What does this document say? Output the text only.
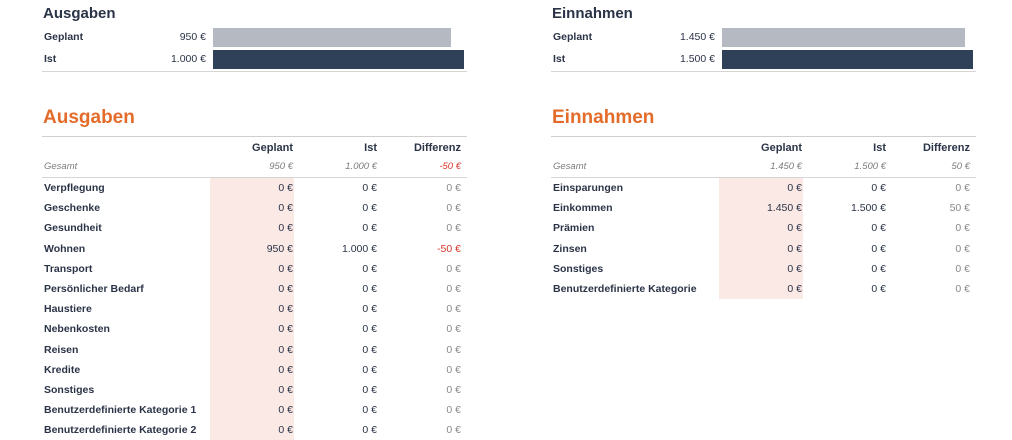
Ausgaben
Geplant	950 €
Ist	1.000 €
Ausgaben
Geplant	Ist	Differenz
Gesamt	950 €	1.000 €	-50 €
Verpflegung	0 €	0 €	0 €
Geschenke	0 €	0 €	0 €
Gesundheit	0 €	0 €	0 €
Wohnen	950 €	1.000 €	-50 €
Transport	0 €	0 €	0 €
Persönlicher Bedarf	0 €	0 €	0 €
Haustiere	0 €	0 €	0 €
Nebenkosten	0 €	0 €	0 €
Reisen	0 €	0 €	0 €
Kredite	0 €	0 €	0 €
Sonstiges	0 €	0 €	0 €
Benutzerdefinierte Kategorie 1	0 €	0 €	0 €
Benutzerdefinierte Kategorie 2	0 €	0 €	0 €
Einnahmen
Geplant	1.450 €
Ist	1.500 €
Einnahmen
Geplant	Ist	Differenz
Gesamt	1.450 €	1.500 €	50 €
Einsparungen	0 €	0 €	0 €
Einkommen	1.450 €	1.500 €	50 €
Prämien	0 €	0 €	0 €
Zinsen	0 €	0 €	0 €
Sonstiges	0 €	0 €	0 €
Benutzerdefinierte Kategorie	0 €	0 €	0 €
